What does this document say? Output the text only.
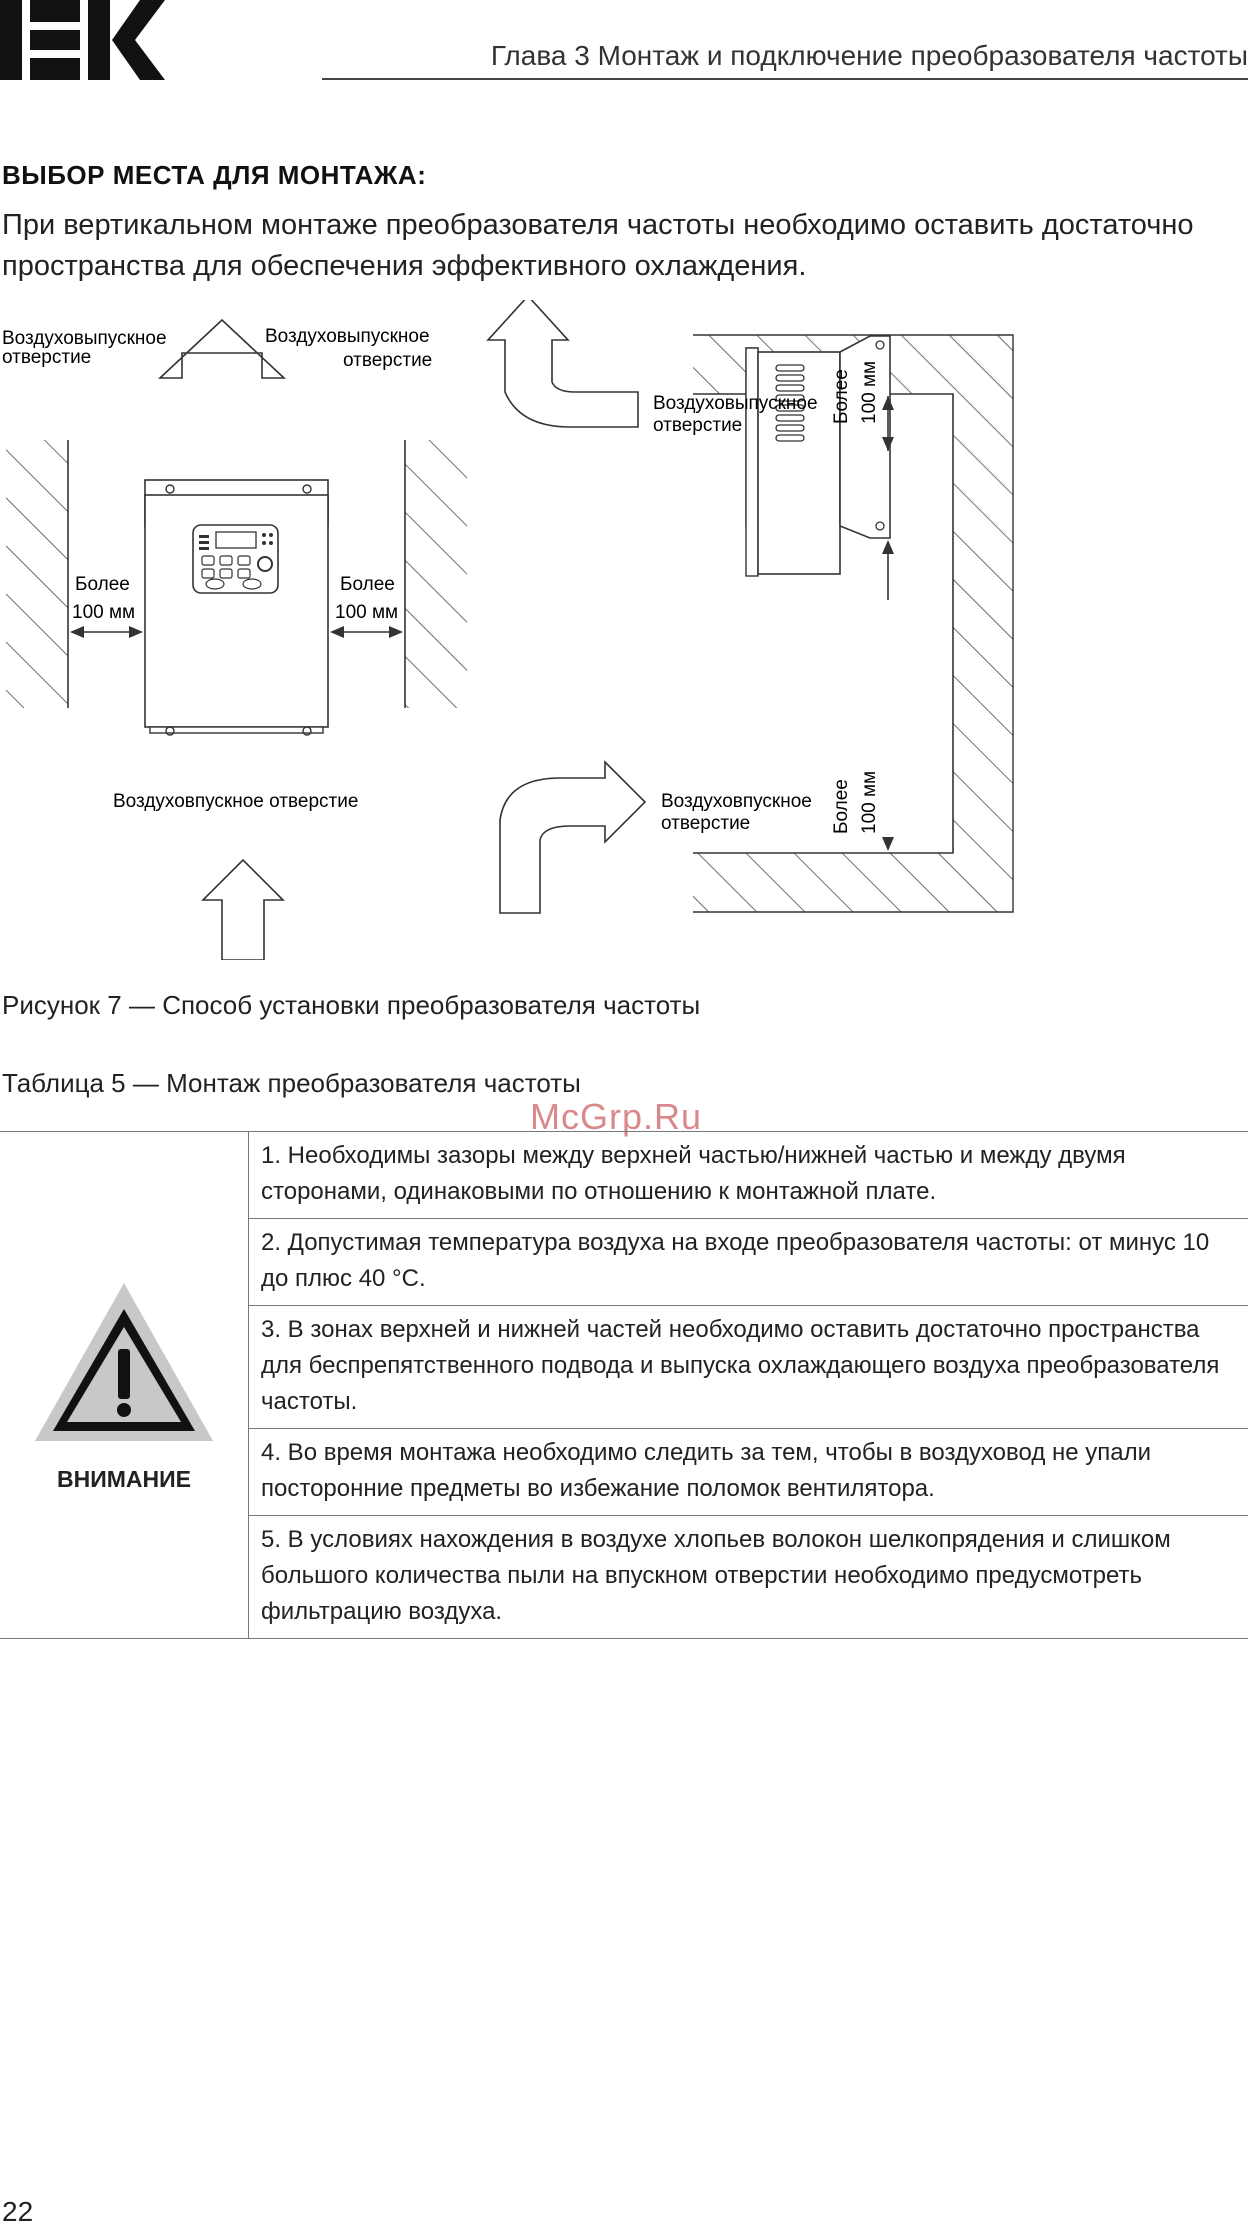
Глава 3 Монтаж и подключение преобразователя частоты
ВЫБОР МЕСТА ДЛЯ МОНТАЖА:
При вертикальном монтаже преобразователя частоты необходимо оставить достаточно пространства для обеспечения эффективного охлаждения.
Воздуховыпускное
отверстие
Воздуховыпускное
отверстие
Более
100 мм
Более
100 мм
Воздуховпускное отверстие
Воздуховыпускное
отверстие
Воздуховпускное
отверстие
Более 100 мм
Более 100 мм
Рисунок 7 — Способ установки преобразователя частоты
Таблица 5 — Монтаж преобразователя частоты
McGrp.Ru
ВНИМАНИЕ
	1. Необходимы зазоры между верхней частью/нижней частью и между двумя сторонами, одинаковыми по отношению к монтажной плате.
2. Допустимая температура воздуха на входе преобразователя частоты: от минус 10 до плюс 40 °С.
3. В зонах верхней и нижней частей необходимо оставить достаточно пространства для беспрепятственного подвода и выпуска охлаждающего воздуха преобразователя частоты.
4. Во время монтажа необходимо следить за тем, чтобы в воздуховод не упали посторонние предметы во избежание поломок вентилятора.
5. В условиях нахождения в воздухе хлопьев волокон шелкопрядения и слишком большого количества пыли на впускном отверстии необходимо предусмотреть фильтрацию воздуха.
22
